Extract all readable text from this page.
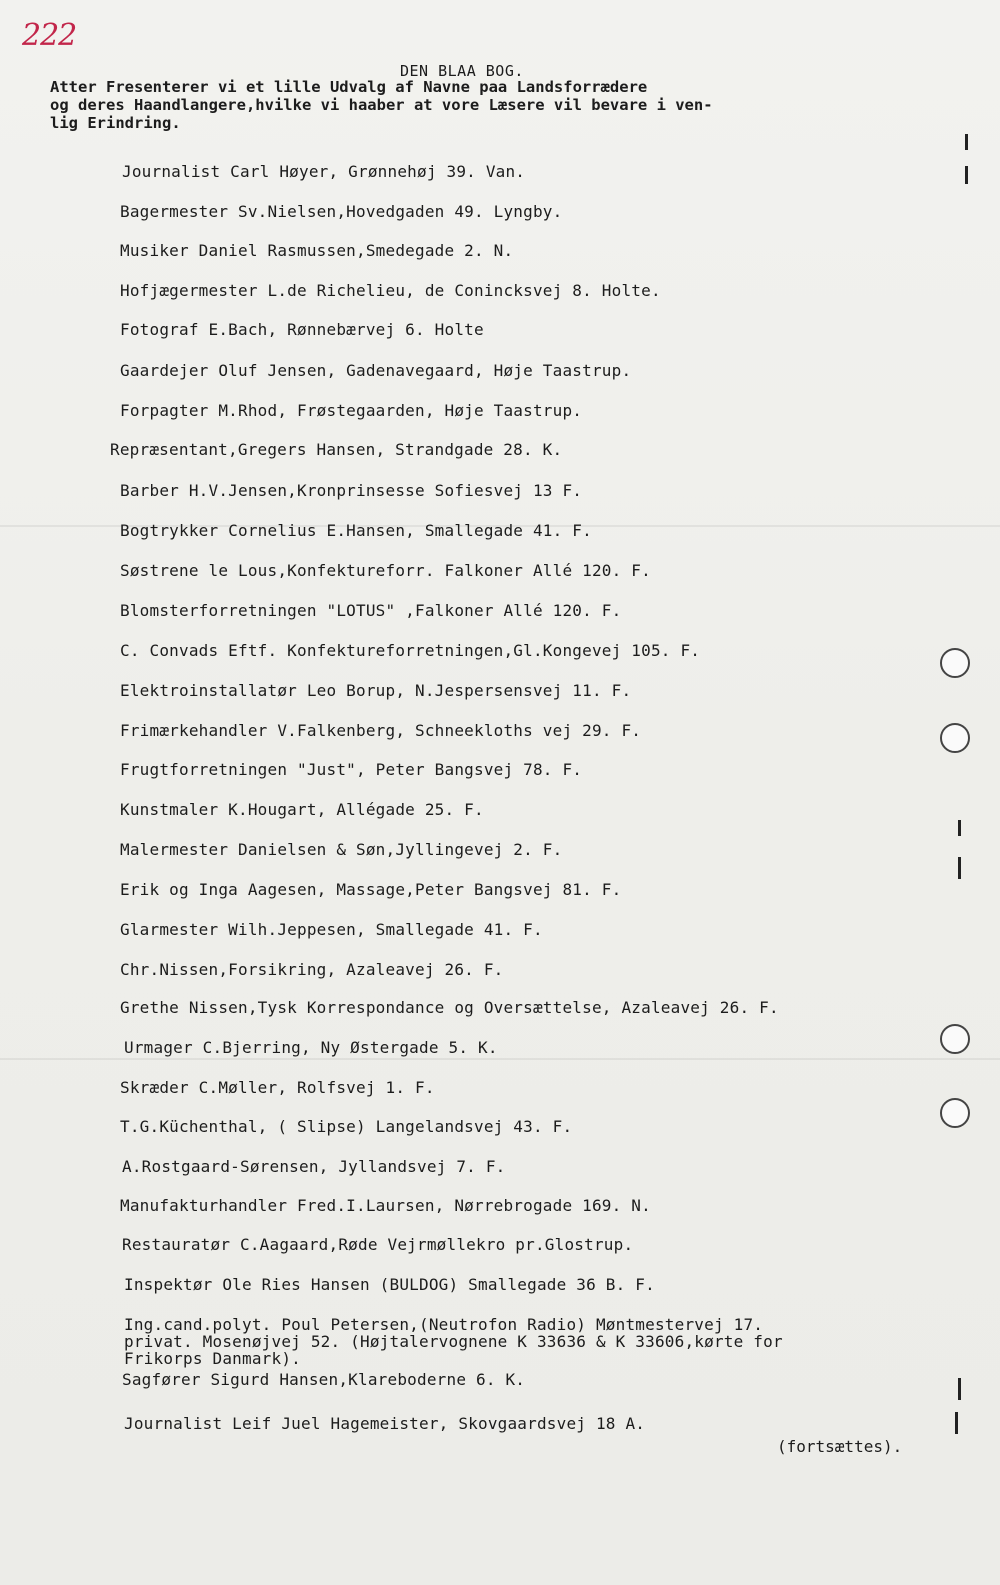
222
DEN BLAA BOG.
Atter Fresenterer vi et lille Udvalg af Navne paa Landsforrædere
og deres Haandlangere,hvilke vi haaber at vore Læsere vil bevare i ven-
lig Erindring.
Journalist Carl Høyer, Grønnehøj 39. Van.
Bagermester Sv.Nielsen,Hovedgaden 49. Lyngby.
Musiker Daniel Rasmussen,Smedegade 2. N.
Hofjægermester L.de Richelieu, de Conincksvej 8. Holte.
Fotograf E.Bach, Rønnebærvej 6. Holte
Gaardejer Oluf Jensen, Gadenavegaard, Høje Taastrup.
Forpagter M.Rhod, Frøstegaarden, Høje Taastrup.
Repræsentant,Gregers Hansen, Strandgade 28. K.
Barber H.V.Jensen,Kronprinsesse Sofiesvej 13 F.
Bogtrykker Cornelius E.Hansen, Smallegade 41. F.
Søstrene le Lous,Konfektureforr. Falkoner Allé 120. F.
Blomsterforretningen "LOTUS" ,Falkoner Allé 120. F.
C. Convads Eftf. Konfektureforretningen,Gl.Kongevej 105. F.
Elektroinstallatør Leo Borup, N.Jespersensvej 11. F.
Frimærkehandler V.Falkenberg, Schneekloths vej 29. F.
Frugtforretningen "Just", Peter Bangsvej 78. F.
Kunstmaler K.Hougart, Allégade 25. F.
Malermester Danielsen & Søn,Jyllingevej 2. F.
Erik og Inga Aagesen, Massage,Peter Bangsvej 81. F.
Glarmester Wilh.Jeppesen, Smallegade 41. F.
Chr.Nissen,Forsikring, Azaleavej 26. F.
Grethe Nissen,Tysk Korrespondance og Oversættelse, Azaleavej 26. F.
Urmager C.Bjerring, Ny Østergade 5. K.
Skræder C.Møller, Rolfsvej 1. F.
T.G.Küchenthal, ( Slipse) Langelandsvej 43. F.
A.Rostgaard-Sørensen, Jyllandsvej 7. F.
Manufakturhandler Fred.I.Laursen, Nørrebrogade 169. N.
Restauratør C.Aagaard,Røde Vejrmøllekro pr.Glostrup.
Inspektør Ole Ries Hansen (BULDOG) Smallegade 36 B. F.
Ing.cand.polyt. Poul Petersen,(Neutrofon Radio) Møntmestervej 17.
privat. Mosenøjvej 52. (Højtalervognene K 33636 & K 33606,kørte for
Frikorps Danmark).
Sagfører Sigurd Hansen,Klareboderne 6. K.
Journalist Leif Juel Hagemeister, Skovgaardsvej 18 A.
(fortsættes).
